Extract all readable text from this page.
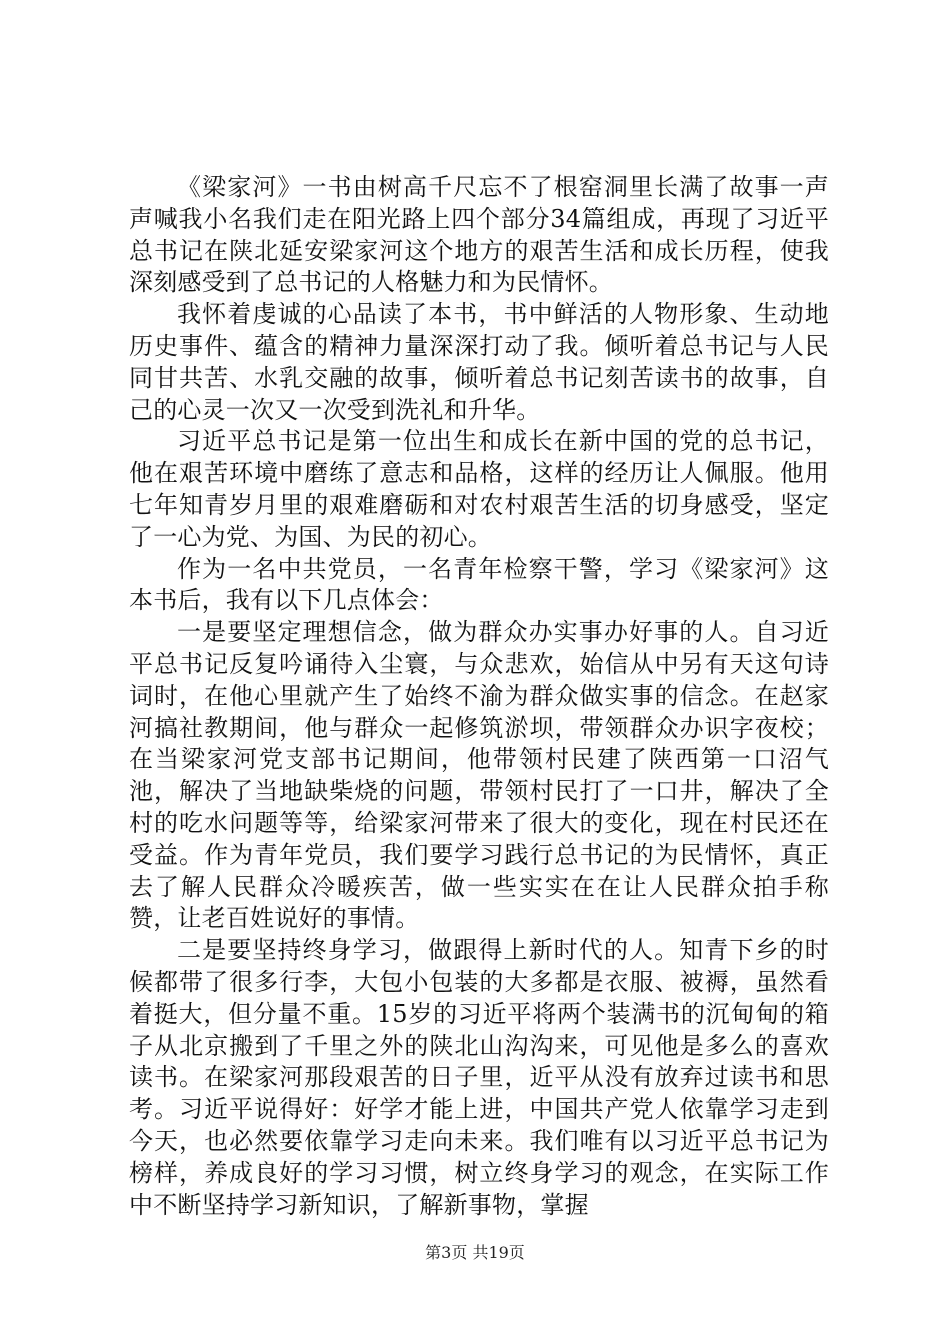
《梁家河》一书由树高千尺忘不了根窑洞里长满了故事一声声喊我小名我们走在阳光路上四个部分34篇组成，再现了习近平总书记在陕北延安梁家河这个地方的艰苦生活和成长历程，使我深刻感受到了总书记的人格魅力和为民情怀。

我怀着虔诚的心品读了本书，书中鲜活的人物形象、生动地历史事件、蕴含的精神力量深深打动了我。倾听着总书记与人民同甘共苦、水乳交融的故事，倾听着总书记刻苦读书的故事，自己的心灵一次又一次受到洗礼和升华。

习近平总书记是第一位出生和成长在新中国的党的总书记，他在艰苦环境中磨练了意志和品格，这样的经历让人佩服。他用七年知青岁月里的艰难磨砺和对农村艰苦生活的切身感受，坚定了一心为党、为国、为民的初心。

作为一名中共党员，一名青年检察干警，学习《梁家河》这本书后，我有以下几点体会：

一是要坚定理想信念，做为群众办实事办好事的人。自习近平总书记反复吟诵待入尘寰，与众悲欢，始信从中另有天这句诗词时，在他心里就产生了始终不渝为群众做实事的信念。在赵家河搞社教期间，他与群众一起修筑淤坝，带领群众办识字夜校；在当梁家河党支部书记期间，他带领村民建了陕西第一口沼气池，解决了当地缺柴烧的问题，带领村民打了一口井，解决了全村的吃水问题等等，给梁家河带来了很大的变化，现在村民还在受益。作为青年党员，我们要学习践行总书记的为民情怀，真正去了解人民群众冷暖疾苦，做一些实实在在让人民群众拍手称赞，让老百姓说好的事情。

二是要坚持终身学习，做跟得上新时代的人。知青下乡的时候都带了很多行李，大包小包装的大多都是衣服、被褥，虽然看着挺大，但分量不重。15岁的习近平将两个装满书的沉甸甸的箱子从北京搬到了千里之外的陕北山沟沟来，可见他是多么的喜欢读书。在梁家河那段艰苦的日子里，近平从没有放弃过读书和思考。习近平说得好：好学才能上进，中国共产党人依靠学习走到今天，也必然要依靠学习走向未来。我们唯有以习近平总书记为榜样，养成良好的学习习惯，树立终身学习的观念，在实际工作中不断坚持学习新知识，了解新事物，掌握

第3页 共19页
